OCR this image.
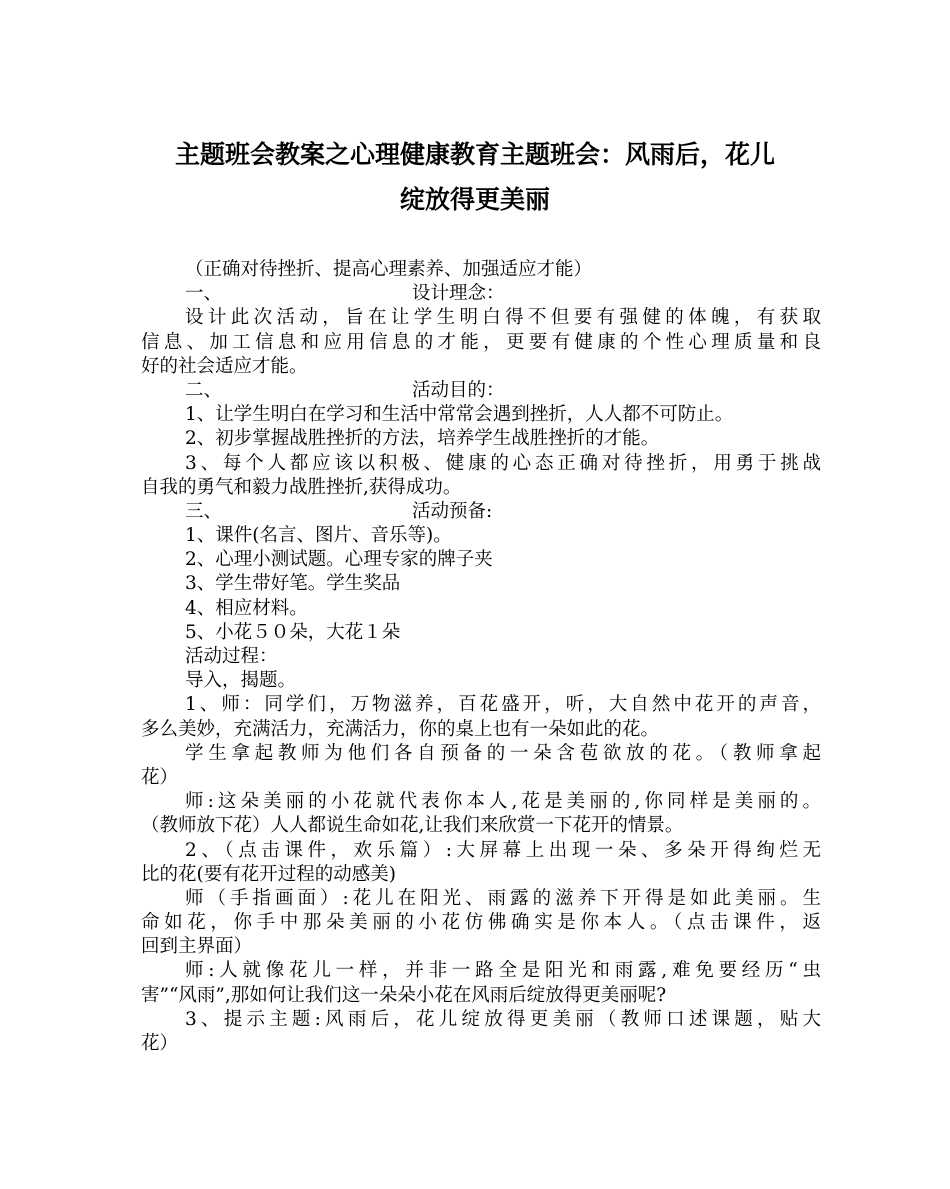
主题班会教案之心理健康教育主题班会：风雨后，花儿
绽放得更美丽
（正确对待挫折、提高心理素养、加强适应才能）
一、	设计理念：
设计此次活动，旨在让学生明白得不但要有强健的体魄，有获取
信息、加工信息和应用信息的才能，更要有健康的个性心理质量和良
好的社会适应才能。
二、	活动目的：
1、让学生明白在学习和生活中常常会遇到挫折，人人都不可防止。
2、初步掌握战胜挫折的方法，培养学生战胜挫折的才能。
3、每个人都应该以积极、健康的心态正确对待挫折，用勇于挑战
自我的勇气和毅力战胜挫折,获得成功。
三、	活动预备:
1、课件(名言、图片、音乐等)。
2、心理小测试题。心理专家的牌子夹
3、学生带好笔。学生奖品
4、相应材料。
5、小花５０朵，大花１朵
活动过程：
导入，揭题。
1、师：同学们，万物滋养，百花盛开，听，大自然中花开的声音，
多么美妙，充满活力，充满活力，你的桌上也有一朵如此的花。
学生拿起教师为他们各自预备的一朵含苞欲放的花。（教师拿起
花）
师:这朵美丽的小花就代表你本人,花是美丽的,你同样是美丽的。
（教师放下花）人人都说生命如花,让我们来欣赏一下花开的情景。
2、（点击课件，欢乐篇）:大屏幕上出现一朵、多朵开得绚烂无
比的花(要有花开过程的动感美)
师（手指画面）:花儿在阳光、雨露的滋养下开得是如此美丽。生
命如花，你手中那朵美丽的小花仿佛确实是你本人。（点击课件，返
回到主界面）
师:人就像花儿一样，并非一路全是阳光和雨露,难免要经历“虫
害”“风雨”,那如何让我们这一朵朵小花在风雨后绽放得更美丽呢?
3、提示主题:风雨后，花儿绽放得更美丽（教师口述课题，贴大
花）
